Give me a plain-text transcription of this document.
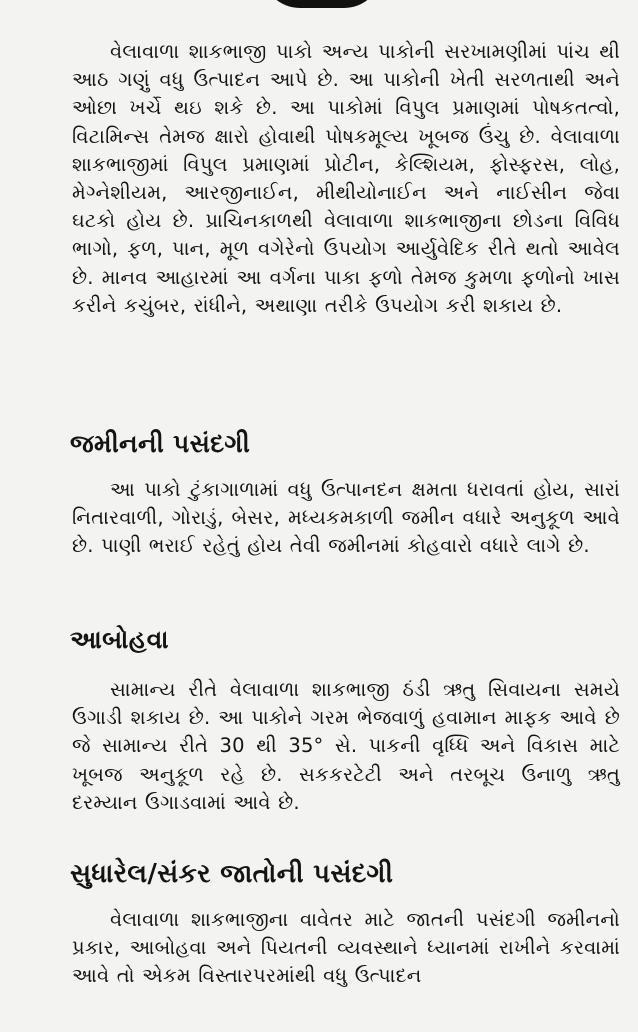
વેલાવાળા શાકભાજી પાકો અન્ય પાકોની સરખામણીમાં પાંચ થી આઠ ગણું વધુ ઉત્પાદન આપે છે. આ પાકોની ખેતી સરળતાથી અને ઓછા ખર્ચે થઇ શકે છે. આ પાકોમાં વિપુલ પ્રમાણમાં પોષકતત્વો, વિટામિન્સ તેમજ ક્ષારો હોવાથી પોષકમૂલ્ય ખૂબજ ઉંચુ છે. વેલાવાળા શાકભાજીમાં વિપુલ પ્રમાણમાં પ્રોટીન, કેલ્શિયમ, ફોસ્ફરસ, લોહ, મેગ્નેશીયમ, આરજીનાઈન, મીથીયોનાઈન અને નાઈસીન જેવા ઘટકો હોય છે. પ્રાચિનકાળથી વેલાવાળા શાકભાજીના છોડના વિવિધ ભાગો, ફળ, પાન, મૂળ વગેરેનો ઉપયોગ આર્યુવેદિક રીતે થતો આવેલ છે. માનવ આહારમાં આ વર્ગના પાકા ફળો તેમજ કુમળા ફળોનો ખાસ કરીને કચુંબર, રાંધીને, અથાણા તરીકે ઉપયોગ કરી શકાય છે.

જમીનની પસંદગી

આ પાકો ટુંકાગાળામાં વધુ ઉત્પાનદન ક્ષમતા ધરાવતાં હોય, સારાં નિતારવાળી, ગોરાડું, બેસર, મધ્યકમકાળી જમીન વધારે અનુકૂળ આવે છે. પાણી ભરાઈ રહેતું હોય તેવી જમીનમાં કોહવારો વધારે લાગે છે.

આબોહવા

સામાન્ય રીતે વેલાવાળા શાકભાજી ઠંડી ઋતુ સિવાયના સમયે ઉગાડી શકાય છે. આ પાકોને ગરમ ભેજવાળું હવામાન માફક આવે છે જે સામાન્ય રીતે 30 થી 35° સે. પાકની વૃધ્ધિ અને વિકાસ માટે ખૂબજ અનુકૂળ રહે છે. સકકરટેટી અને તરબૂચ ઉનાળુ ઋતુ દરમ્યાન ઉગાડવામાં આવે છે.

સુધારેલ/સંકર જાતોની પસંદગી

વેલાવાળા શાકભાજીના વાવેતર માટે જાતની પસંદગી જમીનનો પ્રકાર, આબોહવા અને પિયતની વ્યવસ્થાને ધ્યાનમાં રાખીને કરવામાં આવે તો એકમ વિસ્તારપરમાંથી વધુ ઉત્પાદન
